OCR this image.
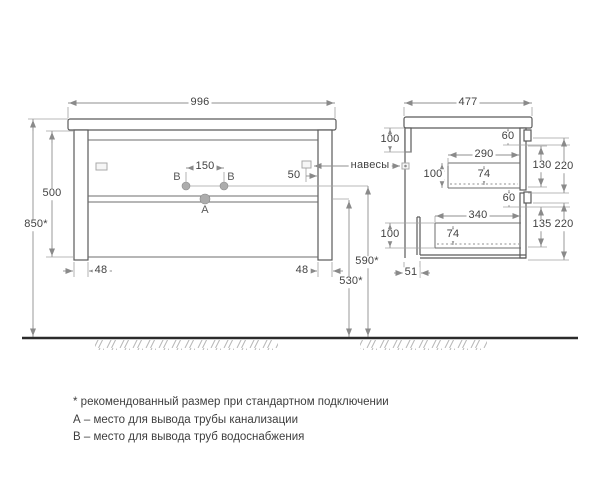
996
850*
500
48	48
150
50
530*
590*
В	В
А
навесы
477
100	60
290
130 220
100	74
60
340
135 220
100	74
51
* рекомендованный размер при стандартном подключении
А – место для вывода трубы канализации
В – место для вывода труб водоснабжения
